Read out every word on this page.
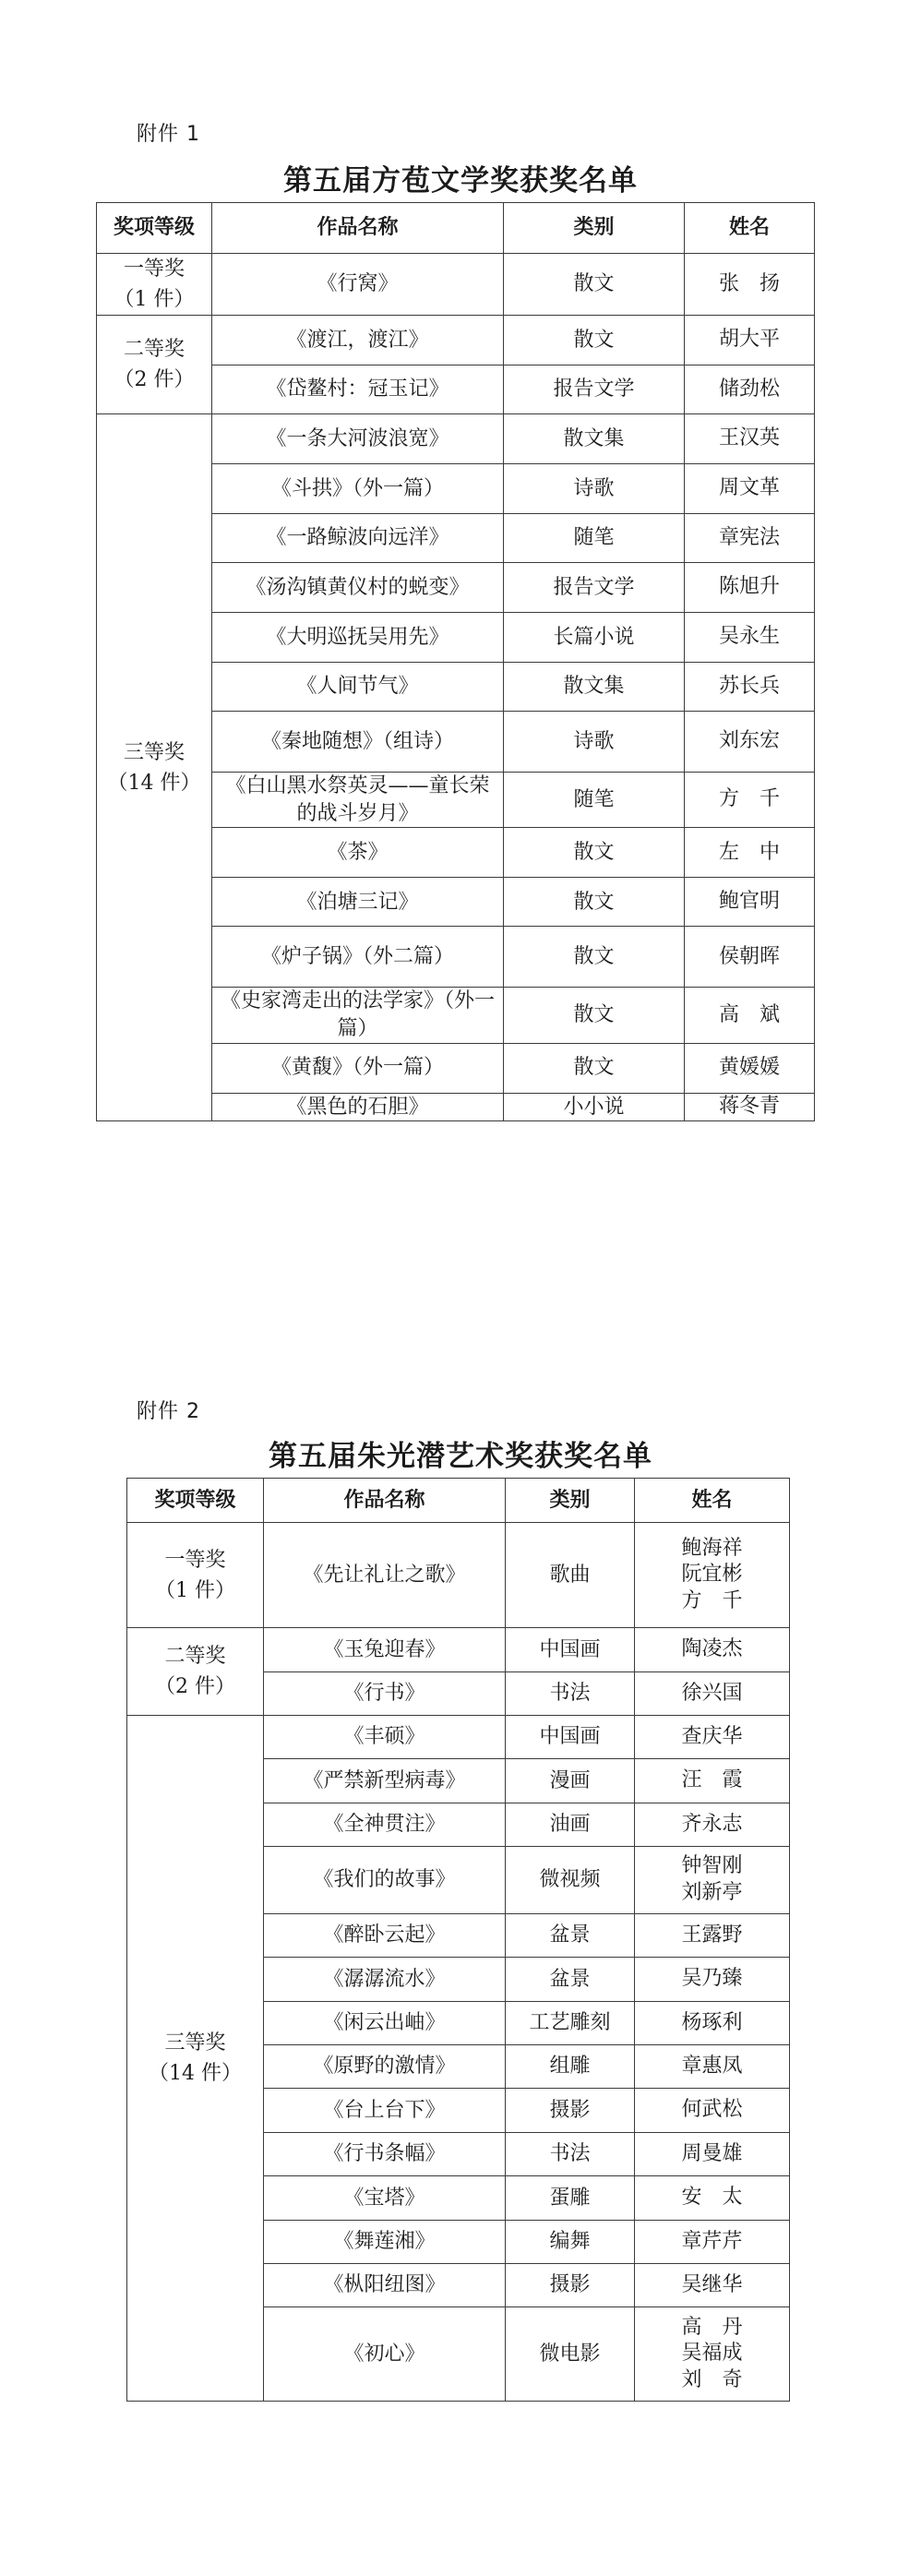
附件 1
第五届方苞文学奖获奖名单
奖项等级	作品名称	类别	姓名

一等奖
（1 件）	《行窝》	散文	张　扬

二等奖
（2 件）	《渡江，渡江》	散文	胡大平

	《岱鳌村：冠玉记》	报告文学	储劲松

三等奖
（14 件）	《一条大河波浪宽》	散文集	王汉英

	《斗拱》（外一篇）	诗歌	周文革

	《一路鲸波向远洋》	随笔	章宪法

	《汤沟镇黄仪村的蜕变》	报告文学	陈旭升

	《大明巡抚吴用先》	长篇小说	吴永生

	《人间节气》	散文集	苏长兵

	《秦地随想》（组诗）	诗歌	刘东宏

	《白山黑水祭英灵——童长荣的战斗岁月》	随笔	方　千

	《茶》	散文	左　中

	《泊塘三记》	散文	鲍官明

	《炉子锅》（外二篇）	散文	侯朝晖

	《史家湾走出的法学家》（外一篇）	散文	高　斌

	《黄馥》（外一篇）	散文	黄媛媛

	《黑色的石胆》	小小说	蒋冬青
附件 2
第五届朱光潜艺术奖获奖名单
奖项等级	作品名称	类别	姓名

一等奖
（1 件）	《先让礼让之歌》	歌曲	鲍海祥
阮宜彬
方　千

二等奖
（2 件）	《玉兔迎春》	中国画	陶凌杰

	《行书》	书法	徐兴国

三等奖
（14 件）	《丰硕》	中国画	查庆华

	《严禁新型病毒》	漫画	汪　霞

	《全神贯注》	油画	齐永志

	《我们的故事》	微视频	钟智刚
刘新亭

	《醉卧云起》	盆景	王露野

	《潺潺流水》	盆景	吴乃臻

	《闲云出岫》	工艺雕刻	杨琢利

	《原野的激情》	组雕	章惠凤

	《台上台下》	摄影	何武松

	《行书条幅》	书法	周曼雄

	《宝塔》	蛋雕	安　太

	《舞莲湘》	编舞	章芹芹

	《枞阳纽图》	摄影	吴继华

	《初心》	微电影	高　丹
吴福成
刘　奇
